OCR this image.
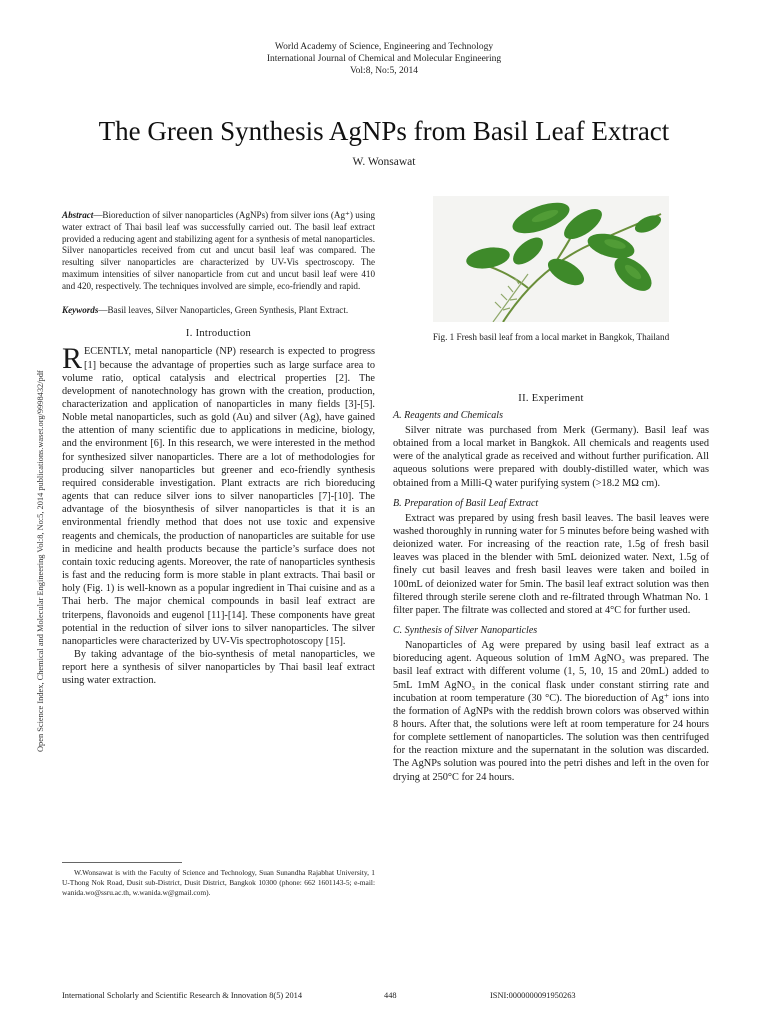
World Academy of Science, Engineering and Technology
International Journal of Chemical and Molecular Engineering
Vol:8, No:5, 2014
The Green Synthesis AgNPs from Basil Leaf Extract
W. Wonsawat
Open Science Index, Chemical and Molecular Engineering Vol:8, No:5, 2014 publications.waset.org/9998432/pdf

Abstract—Bioreduction of silver nanoparticles (AgNPs) from silver ions (Ag⁺) using water extract of Thai basil leaf was successfully carried out. The basil leaf extract provided a reducing agent and stabilizing agent for a synthesis of metal nanoparticles. Silver nanoparticles received from cut and uncut basil leaf was compared. The resulting silver nanoparticles are characterized by UV-Vis spectroscopy. The maximum intensities of silver nanoparticle from cut and uncut basil leaf were 410 and 420, respectively. The techniques involved are simple, eco-friendly and rapid.

Keywords—Basil leaves, Silver Nanoparticles, Green Synthesis, Plant Extract.

I. Introduction

RECENTLY, metal nanoparticle (NP) research is expected to progress [1] because the advantage of properties such as large surface area to volume ratio, optical catalysis and electrical properties [2]. The development of nanotechnology has grown with the creation, production, characterization and application of nanoparticles in many fields [3]-[5]. Noble metal nanoparticles, such as gold (Au) and silver (Ag), have gained the attention of many scientific due to applications in medicine, biology, and the environment [6]. In this research, we were interested in the method for synthesized silver nanoparticles. There are a lot of methodologies for producing silver nanoparticles but greener and eco-friendly synthesis required considerable investigation. Plant extracts are rich bioreducing agents that can reduce silver ions to silver nanoparticles [7]-[10]. The advantage of the biosynthesis of silver nanoparticles is that it is an environmental friendly method that does not use toxic and expensive reagents and chemicals, the production of nanoparticles are suitable for use in medicine and health products because the particle’s surface does not contain toxic reducing agents. Moreover, the rate of nanoparticles synthesis is fast and the reducing form is more stable in plant extracts. Thai basil or holy (Fig. 1) is well-known as a popular ingredient in Thai cuisine and as a Thai herb. The major chemical compounds in basil leaf extract are triterpens, flavonoids and eugenol [11]-[14]. These components have great potential in the reduction of silver ions to silver nanoparticles. The silver nanoparticles were characterized by UV-Vis spectrophotoscopy [15].

By taking advantage of the bio-synthesis of metal nanoparticles, we report here a synthesis of silver nanoparticles by Thai basil leaf extract using water extraction.

W.Wonsawat is with the Faculty of Science and Technology, Suan Sunandha Rajabhat University, 1 U-Thong Nok Road, Dusit sub-District, Dusit District, Bangkok 10300 (phone: 662 1601143-5; e-mail: wanida.wo@ssru.ac.th, w.wanida.w@gmail.com).
Fig. 1 Fresh basil leaf from a local market in Bangkok, Thailand
II. Experiment
A. Reagents and Chemicals

Silver nitrate was purchased from Merk (Germany). Basil leaf was obtained from a local market in Bangkok. All chemicals and reagents used were of the analytical grade as received and without further purification. All aqueous solutions were prepared with doubly-distilled water, which was obtained from a Milli-Q water purifying system (>18.2 MΩ cm).

B. Preparation of Basil Leaf Extract

Extract was prepared by using fresh basil leaves. The basil leaves were washed thoroughly in running water for 5 minutes before being washed with deionized water. For increasing of the reaction rate, 1.5g of fresh basil leaves was placed in the blender with 5mL deionized water. Next, 1.5g of finely cut basil leaves and fresh basil leaves were taken and boiled in 100mL of deionized water for 5min. The basil leaf extract solution was then filtered through sterile serene cloth and re-filtrated through Whatman No. 1 filter paper. The filtrate was collected and stored at 4°C for further used.

C. Synthesis of Silver Nanoparticles

Nanoparticles of Ag were prepared by using basil leaf extract as a bioreducing agent. Aqueous solution of 1mM AgNO₃ was prepared. The basil leaf extract with different volume (1, 5, 10, 15 and 20mL) added to 5mL 1mM AgNO₃ in the conical flask under constant stirring rate and incubation at room temperature (30 °C). The bioreduction of Ag⁺ ions into the formation of AgNPs with the reddish brown colors was observed within 8 hours. After that, the solutions were left at room temperature for 24 hours for complete settlement of nanoparticles. The solution was then centrifuged for the reaction mixture and the supernatant in the solution was discarded. The AgNPs solution was poured into the petri dishes and left in the oven for drying at 250°C for 24 hours.

International Scholarly and Scientific Research & Innovation 8(5) 2014	448	ISNI:0000000091950263
